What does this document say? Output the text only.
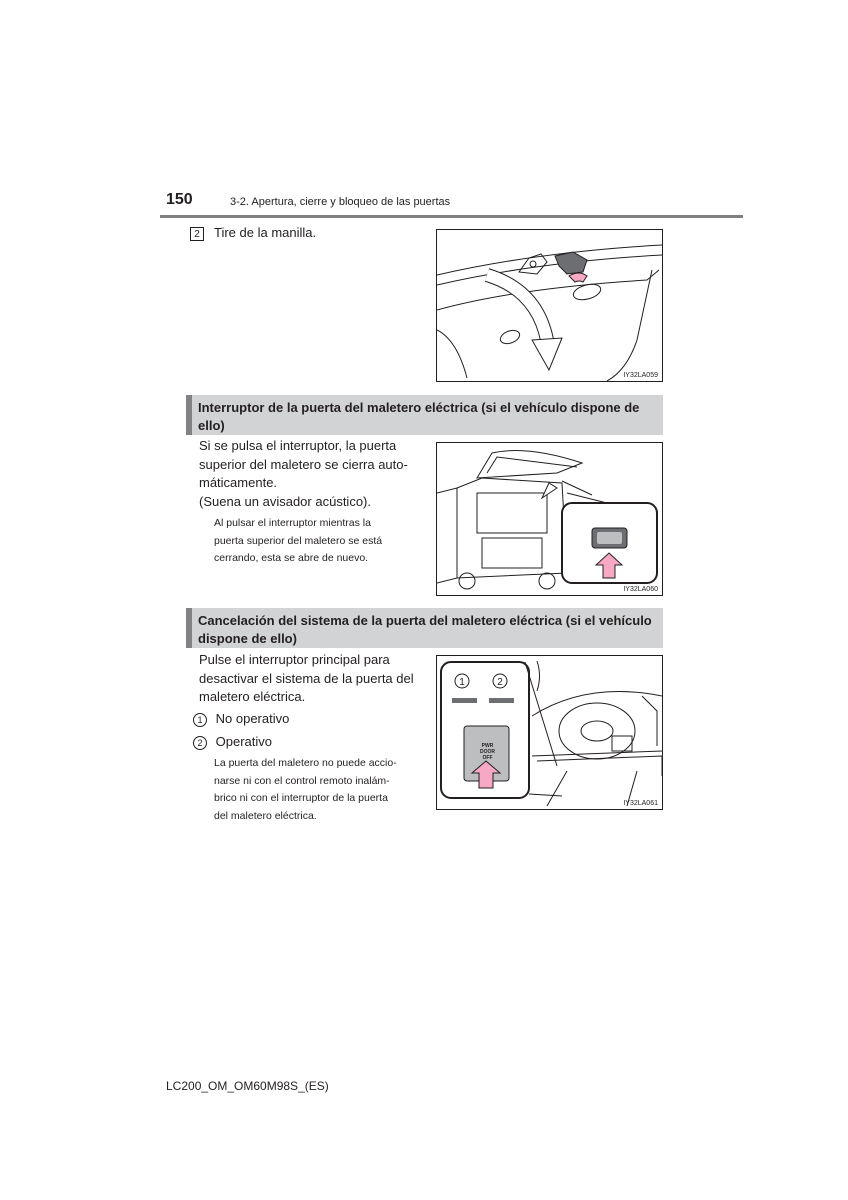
150	3-2. Apertura, cierre y bloqueo de las puertas
2	Tire de la manilla.
IY32LA059
Interruptor de la puerta del maletero eléctrica (si el vehículo dispone de ello)
Si se pulsa el interruptor, la puerta
superior del maletero se cierra auto-
máticamente.
(Suena un avisador acústico).
Al pulsar el interruptor mientras la
puerta superior del maletero se está
cerrando, esta se abre de nuevo.
IY32LA060
Cancelación del sistema de la puerta del maletero eléctrica (si el vehículo dispone de ello)
Pulse el interruptor principal para
desactivar el sistema de la puerta del
maletero eléctrica.
1 No operativo
2 Operativo
La puerta del maletero no puede accio-
narse ni con el control remoto inalám-
brico ni con el interruptor de la puerta
del maletero eléctrica.
1	2
PWR DOOR OFF
IY32LA061
LC200_OM_OM60M98S_(ES)
